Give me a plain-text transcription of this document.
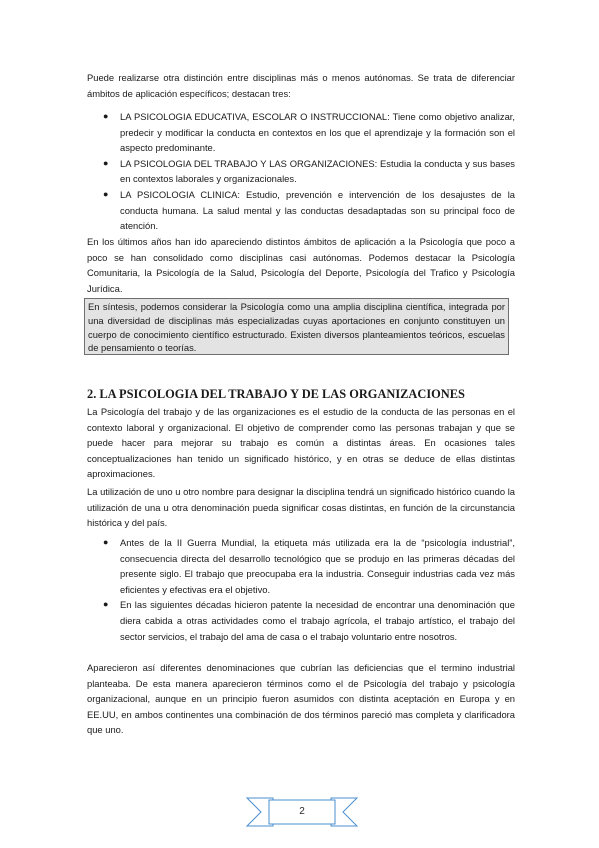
Puede realizarse otra distinción entre disciplinas más o menos autónomas. Se trata de diferenciar ámbitos de aplicación específicos; destacan tres:

● LA PSICOLOGIA EDUCATIVA, ESCOLAR O INSTRUCCIONAL: Tiene como objetivo analizar, predecir y modificar la conducta en contextos en los que el aprendizaje y la formación son el aspecto predominante.
● LA PSICOLOGIA DEL TRABAJO Y LAS ORGANIZACIONES: Estudia la conducta y sus bases en contextos laborales y organizacionales.
● LA PSICOLOGIA CLINICA: Estudio, prevención e intervención de los desajustes de la conducta humana. La salud mental y las conductas desadaptadas son su principal foco de atención.

En los últimos años han ido apareciendo distintos ámbitos de aplicación a la Psicología que poco a poco se han consolidado como disciplinas casi autónomas. Podemos destacar la Psicología Comunitaria, la Psicología de la Salud, Psicología del Deporte, Psicología del Trafico y Psicología Jurídica.

En síntesis, podemos considerar la Psicología como una amplia disciplina científica, integrada por una diversidad de disciplinas más especializadas cuyas aportaciones en conjunto constituyen un cuerpo de conocimiento científico estructurado. Existen diversos planteamientos teóricos, escuelas de pensamiento o teorías.
2. LA PSICOLOGIA DEL TRABAJO Y DE LAS ORGANIZACIONES

La Psicología del trabajo y de las organizaciones es el estudio de la conducta de las personas en el contexto laboral y organizacional. El objetivo de comprender como las personas trabajan y que se puede hacer para mejorar su trabajo es común a distintas áreas. En ocasiones tales conceptualizaciones han tenido un significado histórico, y en otras se deduce de ellas distintas aproximaciones.

La utilización de uno u otro nombre para designar la disciplina tendrá un significado histórico cuando la utilización de una u otra denominación pueda significar cosas distintas, en función de la circunstancia histórica y del país.

● Antes de la II Guerra Mundial, la etiqueta más utilizada era la de “psicología industrial”, consecuencia directa del desarrollo tecnológico que se produjo en las primeras décadas del presente siglo. El trabajo que preocupaba era la industria. Conseguir industrias cada vez más eficientes y efectivas era el objetivo.
● En las siguientes décadas hicieron patente la necesidad de encontrar una denominación que diera cabida a otras actividades como el trabajo agrícola, el trabajo artístico, el trabajo del sector servicios, el trabajo del ama de casa o el trabajo voluntario entre nosotros.

Aparecieron así diferentes denominaciones que cubrían las deficiencias que el termino industrial planteaba. De esta manera aparecieron términos como el de Psicología del trabajo y psicología organizacional, aunque en un principio fueron asumidos con distinta aceptación en Europa y en EE.UU, en ambos continentes una combinación de dos términos pareció mas completa y clarificadora que uno.

2
